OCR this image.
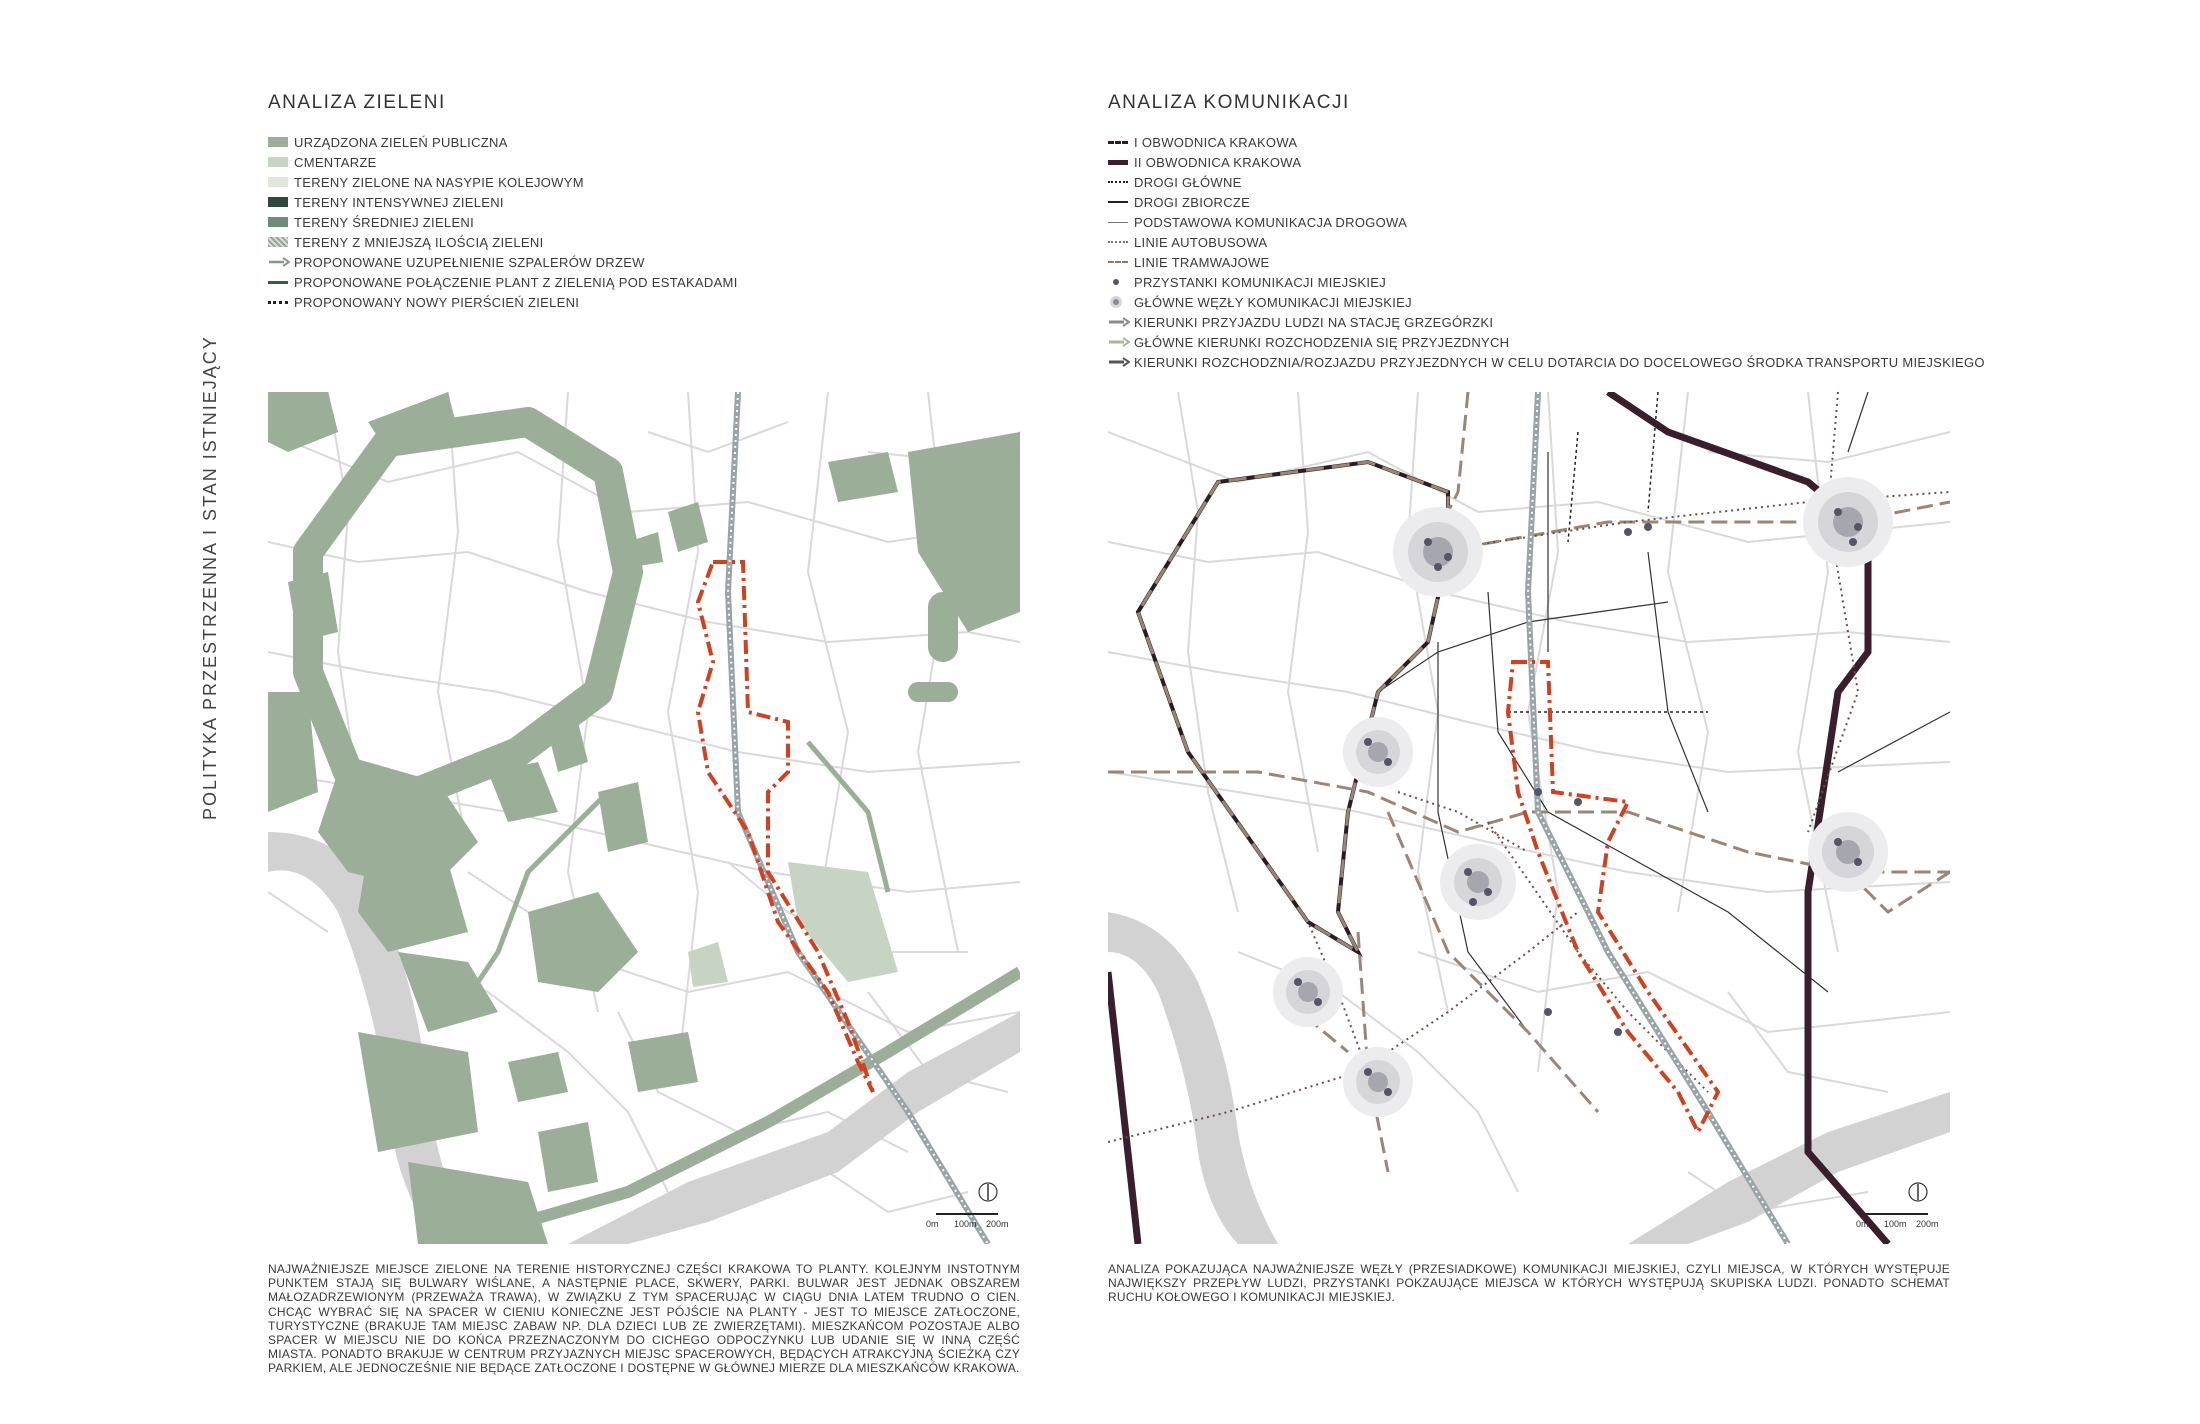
POLITYKA PRZESTRZENNA I STAN ISTNIEJĄCY
ANALIZA ZIELENI
URZĄDZONA ZIELEŃ PUBLICZNA
CMENTARZE
TERENY ZIELONE NA NASYPIE KOLEJOWYM
TERENY INTENSYWNEJ ZIELENI
TERENY ŚREDNIEJ ZIELENI
TERENY Z MNIEJSZĄ ILOŚCIĄ ZIELENI
PROPONOWANE UZUPEŁNIENIE SZPALERÓW DRZEW
PROPONOWANE POŁĄCZENIE PLANT Z ZIELENIĄ POD ESTAKADAMI
PROPONOWANY NOWY PIERŚCIEŃ ZIELENI
0m 100m 200m
NAJWAŻNIEJSZE MIEJSCE ZIELONE NA TERENIE HISTORYCZNEJ CZĘŚCI KRAKOWA TO PLANTY. KOLEJNYM INSTOTNYM PUNKTEM STAJĄ SIĘ BULWARY WIŚLANE, A NASTĘPNIE PLACE, SKWERY, PARKI. BULWAR JEST JEDNAK OBSZAREM MAŁOZADRZEWIONYM (PRZEWAŻA TRAWA), W ZWIĄZKU Z TYM SPACERUJĄC W CIĄGU DNIA LATEM TRUDNO O CIEN. CHCĄC WYBRAĆ SIĘ NA SPACER W CIENIU KONIECZNE JEST PÓJŚCIE NA PLANTY - JEST TO MIEJSCE ZATŁOCZONE, TURYSTYCZNE (BRAKUJE TAM MIEJSC ZABAW NP. DLA DZIECI LUB ZE ZWIERZĘTAMI). MIESZKAŃCOM POZOSTAJE ALBO SPACER W MIEJSCU NIE DO KOŃCA PRZEZNACZONYM DO CICHEGO ODPOCZYNKU LUB UDANIE SIĘ W INNĄ CZĘŚĆ MIASTA. PONADTO BRAKUJE W CENTRUM PRZYJAZNYCH MIEJSC SPACEROWYCH, BĘDĄCYCH ATRAKCYJNĄ ŚCIEŻKĄ CZY PARKIEM, ALE JEDNOCZEŚNIE NIE BĘDĄCE ZATŁOCZONE I DOSTĘPNE W GŁÓWNEJ MIERZE DLA MIESZKAŃCÓW KRAKOWA.
ANALIZA KOMUNIKACJI
I OBWODNICA KRAKOWA
II OBWODNICA KRAKOWA
DROGI GŁÓWNE
DROGI ZBIORCZE
PODSTAWOWA KOMUNIKACJA DROGOWA
LINIE AUTOBUSOWA
LINIE TRAMWAJOWE
PRZYSTANKI KOMUNIKACJI MIEJSKIEJ
GŁÓWNE WĘZŁY KOMUNIKACJI MIEJSKIEJ
KIERUNKI PRZYJAZDU LUDZI NA STACJĘ GRZEGÓRZKI
GŁÓWNE KIERUNKI ROZCHODZENIA SIĘ PRZYJEZDNYCH
KIERUNKI ROZCHODZNIA/ROZJAZDU PRZYJEZDNYCH W CELU DOTARCIA DO DOCELOWEGO ŚRODKA TRANSPORTU MIEJSKIEGO
0m 100m 200m
ANALIZA POKAZUJĄCA NAJWAŻNIEJSZE WĘZŁY (PRZESIADKOWE) KOMUNIKACJI MIEJSKIEJ, CZYLI MIEJSCA, W KTÓRYCH WYSTĘPUJE NAJWIĘKSZY PRZEPŁYW LUDZI, PRZYSTANKI POKZAUJĄCE MIEJSCA W KTÓRYCH WYSTĘPUJĄ SKUPISKA LUDZI. PONADTO SCHEMAT RUCHU KOŁOWEGO I KOMUNIKACJI MIEJSKIEJ.
